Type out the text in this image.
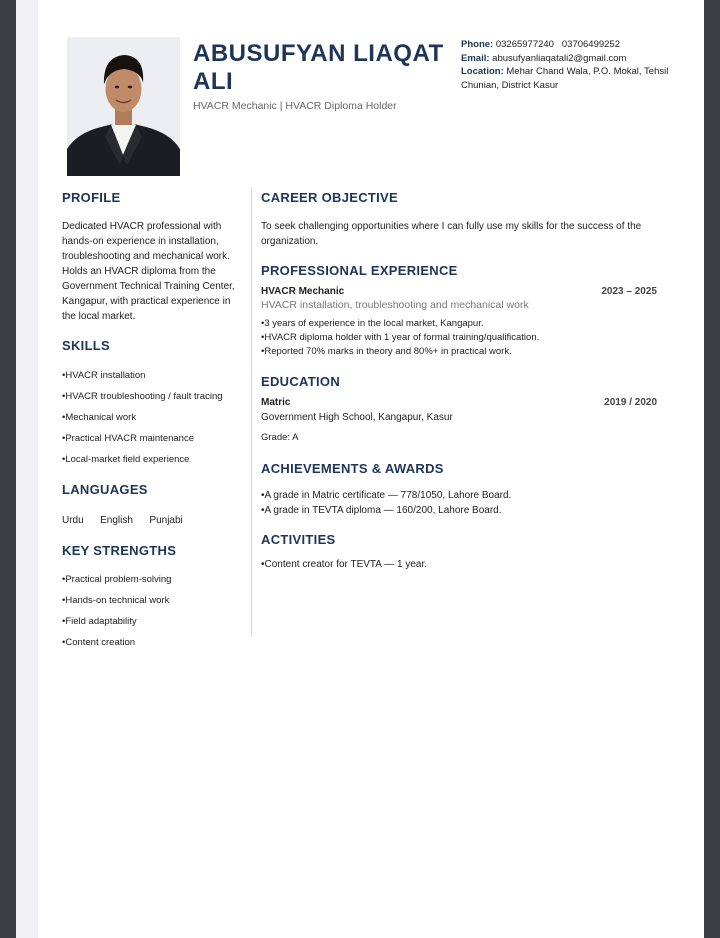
ABUSUFYAN LIAQAT ALI
HVACR Mechanic | HVACR Diploma Holder
Phone: 03265977240   03706499252
Email: abusufyanliaqatali2@gmail.com
Location: Mehar Chand Wala, P.O. Mokal, Tehsil Chunian, District Kasur
PROFILE
Dedicated HVACR professional with hands-on experience in installation, troubleshooting and mechanical work. Holds an HVACR diploma from the Government Technical Training Center, Kangapur, with practical experience in the local market.
SKILLS
• HVACR installation
• HVACR troubleshooting / fault tracing
• Mechanical work
• Practical HVACR maintenance
• Local-market field experience
LANGUAGES
Urdu English Punjabi
KEY STRENGTHS
• Practical problem-solving
• Hands-on technical work
• Field adaptability
• Content creation
CAREER OBJECTIVE
To seek challenging opportunities where I can fully use my skills for the success of the organization.
PROFESSIONAL EXPERIENCE
HVACR Mechanic	2023 – 2025
HVACR installation, troubleshooting and mechanical work
• 3 years of experience in the local market, Kangapur.
• HVACR diploma holder with 1 year of formal training/qualification.
• Reported 70% marks in theory and 80%+ in practical work.
EDUCATION
Matric	2019 / 2020
Government High School, Kangapur, Kasur
Grade: A
ACHIEVEMENTS & AWARDS
• A grade in Matric certificate — 778/1050, Lahore Board.
• A grade in TEVTA diploma — 160/200, Lahore Board.
ACTIVITIES
• Content creator for TEVTA — 1 year.
